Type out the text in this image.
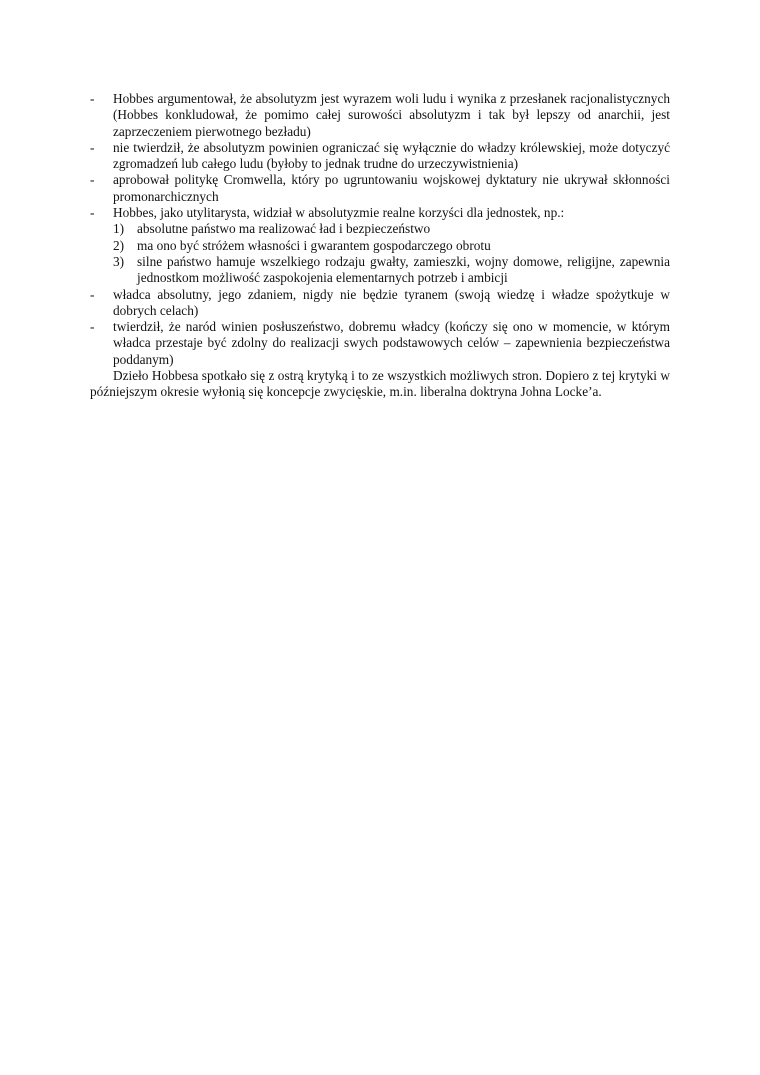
- Hobbes argumentował, że absolutyzm jest wyrazem woli ludu i wynika z przesłanek racjonalistycznych (Hobbes konkludował, że pomimo całej surowości absolutyzm i tak był lepszy od anarchii, jest zaprzeczeniem pierwotnego bezładu)
- nie twierdził, że absolutyzm powinien ograniczać się wyłącznie do władzy królewskiej, może dotyczyć zgromadzeń lub całego ludu (byłoby to jednak trudne do urzeczywistnienia)
- aprobował politykę Cromwella, który po ugruntowaniu wojskowej dyktatury nie ukrywał skłonności promonarchicznych
- Hobbes, jako utylitarysta, widział w absolutyzmie realne korzyści dla jednostek, np.:
1) absolutne państwo ma realizować ład i bezpieczeństwo
2) ma ono być stróżem własności i gwarantem gospodarczego obrotu
3) silne państwo hamuje wszelkiego rodzaju gwałty, zamieszki, wojny domowe, religijne, zapewnia jednostkom możliwość zaspokojenia elementarnych potrzeb i ambicji
- władca absolutny, jego zdaniem, nigdy nie będzie tyranem (swoją wiedzę i władze spożytkuje w dobrych celach)
- twierdził, że naród winien posłuszeństwo, dobremu władcy (kończy się ono w momencie, w którym władca przestaje być zdolny do realizacji swych podstawowych celów – zapewnienia bezpieczeństwa poddanym)
Dzieło Hobbesa spotkało się z ostrą krytyką i to ze wszystkich możliwych stron. Dopiero z tej krytyki w późniejszym okresie wyłonią się koncepcje zwycięskie, m.in. liberalna doktryna Johna Locke’a.
